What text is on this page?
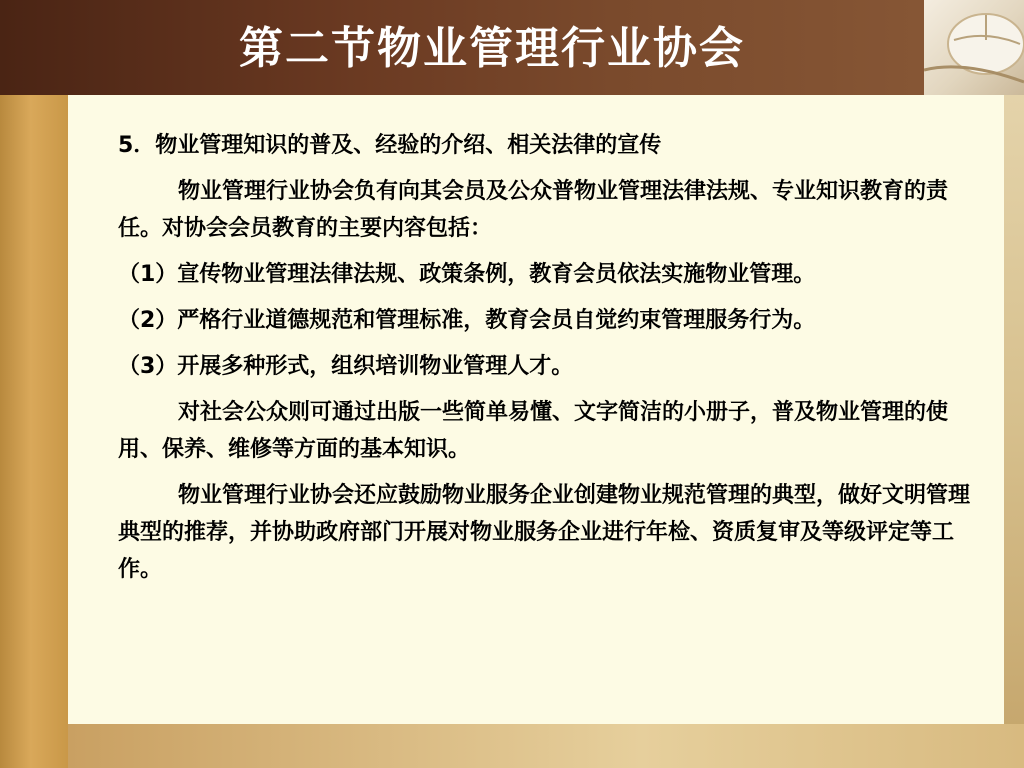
第二节物业管理行业协会

5．物业管理知识的普及、经验的介绍、相关法律的宣传

物业管理行业协会负有向其会员及公众普物业管理法律法规、专业知识教育的责任。对协会会员教育的主要内容包括：

（1）宣传物业管理法律法规、政策条例，教育会员依法实施物业管理。

（2）严格行业道德规范和管理标准，教育会员自觉约束管理服务行为。

（3）开展多种形式，组织培训物业管理人才。

对社会公众则可通过出版一些简单易懂、文字简洁的小册子，普及物业管理的使用、保养、维修等方面的基本知识。

物业管理行业协会还应鼓励物业服务企业创建物业规范管理的典型，做好文明管理典型的推荐，并协助政府部门开展对物业服务企业进行年检、资质复审及等级评定等工作。
